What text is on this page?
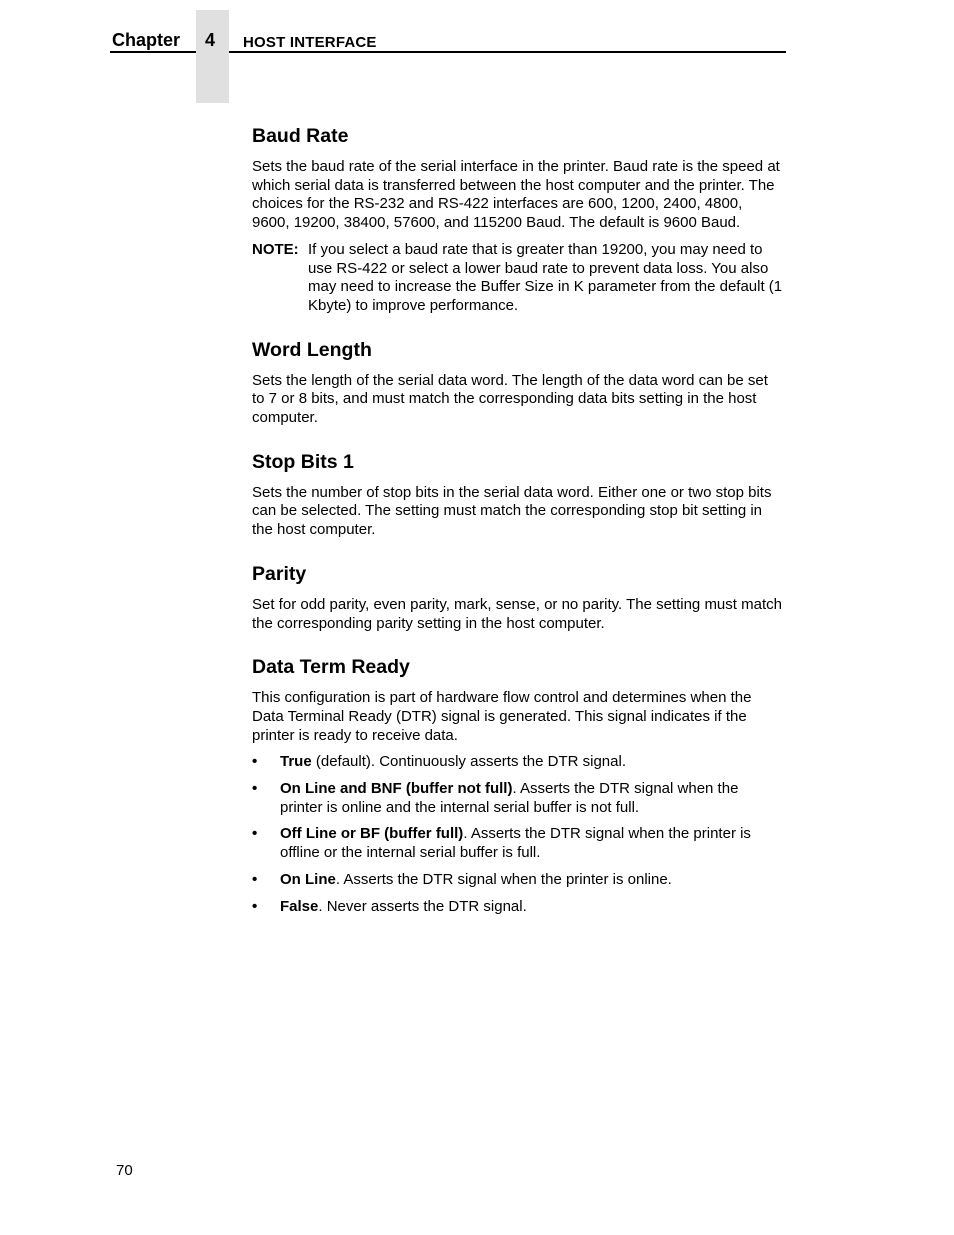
Chapter 4 HOST INTERFACE
Baud Rate

Sets the baud rate of the serial interface in the printer. Baud rate is the speed at which serial data is transferred between the host computer and the printer. The choices for the RS-232 and RS-422 interfaces are 600, 1200, 2400, 4800, 9600, 19200, 38400, 57600, and 115200 Baud. The default is 9600 Baud.

NOTE: If you select a baud rate that is greater than 19200, you may need to use RS-422 or select a lower baud rate to prevent data loss. You also may need to increase the Buffer Size in K parameter from the default (1 Kbyte) to improve performance.
Word Length

Sets the length of the serial data word. The length of the data word can be set to 7 or 8 bits, and must match the corresponding data bits setting in the host computer.

Stop Bits 1

Sets the number of stop bits in the serial data word. Either one or two stop bits can be selected. The setting must match the corresponding stop bit setting in the host computer.

Parity

Set for odd parity, even parity, mark, sense, or no parity. The setting must match the corresponding parity setting in the host computer.

Data Term Ready

This configuration is part of hardware flow control and determines when the Data Terminal Ready (DTR) signal is generated. This signal indicates if the printer is ready to receive data.

•	True (default). Continuously asserts the DTR signal.
•	On Line and BNF (buffer not full). Asserts the DTR signal when the printer is online and the internal serial buffer is not full.
•	Off Line or BF (buffer full). Asserts the DTR signal when the printer is offline or the internal serial buffer is full.
•	On Line. Asserts the DTR signal when the printer is online.
•	False. Never asserts the DTR signal.
70
